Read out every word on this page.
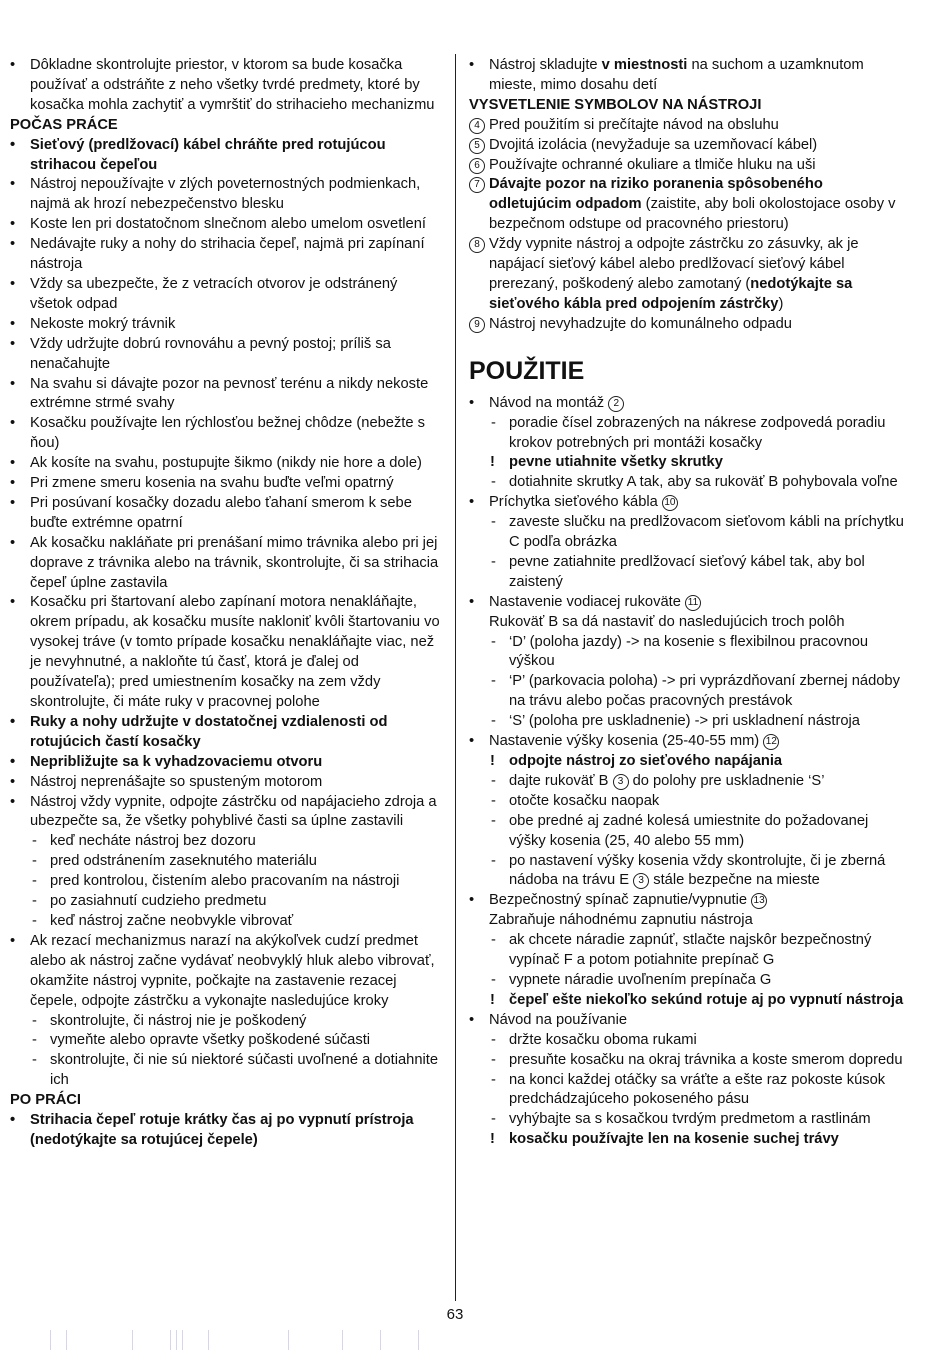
• Dôkladne skontrolujte priestor, v ktorom sa bude kosačka používať a odstráňte z neho všetky tvrdé predmety, ktoré by kosačka mohla zachytiť a vymrštiť do strihacieho mechanizmu

POČAS PRÁCE

• Sieťový (predlžovací) kábel chráňte pred rotujúcou strihacou čepeľou

• Nástroj nepoužívajte v zlých poveternostných podmienkach, najmä ak hrozí nebezpečenstvo blesku

• Koste len pri dostatočnom slnečnom alebo umelom osvetlení

• Nedávajte ruky a nohy do strihacia čepeľ, najmä pri zapínaní nástroja

• Vždy sa ubezpečte, že z vetracích otvorov je odstránený všetok odpad

• Nekoste mokrý trávnik

• Vždy udržujte dobrú rovnováhu a pevný postoj; príliš sa nenačahujte

• Na svahu si dávajte pozor na pevnosť terénu a nikdy nekoste extrémne strmé svahy

• Kosačku používajte len rýchlosťou bežnej chôdze (nebežte s ňou)

• Ak kosíte na svahu, postupujte šikmo (nikdy nie hore a dole)

• Pri zmene smeru kosenia na svahu buďte veľmi opatrný

• Pri posúvaní kosačky dozadu alebo ťahaní smerom k sebe buďte extrémne opatrní

• Ak kosačku nakláňate pri prenášaní mimo trávnika alebo pri jej doprave z trávnika alebo na trávnik, skontrolujte, či sa strihacia čepeľ úplne zastavila

• Kosačku pri štartovaní alebo zapínaní motora nenakláňajte, okrem prípadu, ak kosačku musíte nakloniť kvôli štartovaniu vo vysokej tráve (v tomto prípade kosačku nenakláňajte viac, než je nevyhnutné, a nakloňte tú časť, ktorá je ďalej od používateľa); pred umiestnením kosačky na zem vždy skontrolujte, či máte ruky v pracovnej polohe

• Ruky a nohy udržujte v dostatočnej vzdialenosti od rotujúcich častí kosačky

• Nepribližujte sa k vyhadzovaciemu otvoru

• Nástroj neprenášajte so spusteným motorom

• Nástroj vždy vypnite, odpojte zástrčku od napájacieho zdroja a ubezpečte sa, že všetky pohyblivé časti sa úplne zastavili

- keď necháte nástroj bez dozoru

- pred odstránením zaseknutého materiálu

- pred kontrolou, čistením alebo pracovaním na nástroji

- po zasiahnutí cudzieho predmetu

- keď nástroj začne neobvykle vibrovať

• Ak rezací mechanizmus narazí na akýkoľvek cudzí predmet alebo ak nástroj začne vydávať neobvyklý hluk alebo vibrovať, okamžite nástroj vypnite, počkajte na zastavenie rezacej čepele, odpojte zástrčku a vykonajte nasledujúce kroky

- skontrolujte, či nástroj nie je poškodený

- vymeňte alebo opravte všetky poškodené súčasti

- skontrolujte, či nie sú niektoré súčasti uvoľnené a dotiahnite ich

PO PRÁCI

• Strihacia čepeľ rotuje krátky čas aj po vypnutí prístroja (nedotýkajte sa rotujúcej čepele)

• Nástroj skladujte v miestnosti na suchom a uzamknutom mieste, mimo dosahu detí

VYSVETLENIE SYMBOLOV NA NÁSTROJI

4 Pred použitím si prečítajte návod na obsluhu

5 Dvojitá izolácia (nevyžaduje sa uzemňovací kábel)

6 Používajte ochranné okuliare a tlmiče hluku na uši

7 Dávajte pozor na riziko poranenia spôsobeného odletujúcim odpadom (zaistite, aby boli okolostojace osoby v bezpečnom odstupe od pracovného priestoru)

8 Vždy vypnite nástroj a odpojte zástrčku zo zásuvky, ak je napájací sieťový kábel alebo predlžovací sieťový kábel prerezaný, poškodený alebo zamotaný (nedotýkajte sa sieťového kábla pred odpojením zástrčky)

9 Nástroj nevyhadzujte do komunálneho odpadu

POUŽITIE

• Návod na montáž 2

- poradie čísel zobrazených na nákrese zodpovedá poradiu krokov potrebných pri montáži kosačky

! pevne utiahnite všetky skrutky

- dotiahnite skrutky A tak, aby sa rukoväť B pohybovala voľne

• Príchytka sieťového kábla 10

- zaveste slučku na predlžovacom sieťovom kábli na príchytku C podľa obrázka

- pevne zatiahnite predlžovací sieťový kábel tak, aby bol zaistený

• Nastavenie vodiacej rukoväte 11

Rukoväť B sa dá nastaviť do nasledujúcich troch polôh

- ‘D’ (poloha jazdy) -> na kosenie s flexibilnou pracovnou výškou

- ‘P’ (parkovacia poloha) -> pri vyprázdňovaní zbernej nádoby na trávu alebo počas pracovných prestávok

- ‘S’ (poloha pre uskladnenie) -> pri uskladnení nástroja

• Nastavenie výšky kosenia (25-40-55 mm) 12

! odpojte nástroj zo sieťového napájania

- dajte rukoväť B 3 do polohy pre uskladnenie ‘S’

- otočte kosačku naopak

- obe predné aj zadné kolesá umiestnite do požadovanej výšky kosenia (25, 40 alebo 55 mm)

- po nastavení výšky kosenia vždy skontrolujte, či je zberná nádoba na trávu E 3 stále bezpečne na mieste

• Bezpečnostný spínač zapnutie/vypnutie 13

Zabraňuje náhodnému zapnutiu nástroja

- ak chcete náradie zapnúť, stlačte najskôr bezpečnostný vypínač F a potom potiahnite prepínač G

- vypnete náradie uvoľnením prepínača G

! čepeľ ešte niekoľko sekúnd rotuje aj po vypnutí nástroja

• Návod na používanie

- držte kosačku oboma rukami

- presuňte kosačku na okraj trávnika a koste smerom dopredu

- na konci každej otáčky sa vráťte a ešte raz pokoste kúsok predchádzajúceho pokoseného pásu

- vyhýbajte sa s kosačkou tvrdým predmetom a rastlinám

! kosačku používajte len na kosenie suchej trávy

63
